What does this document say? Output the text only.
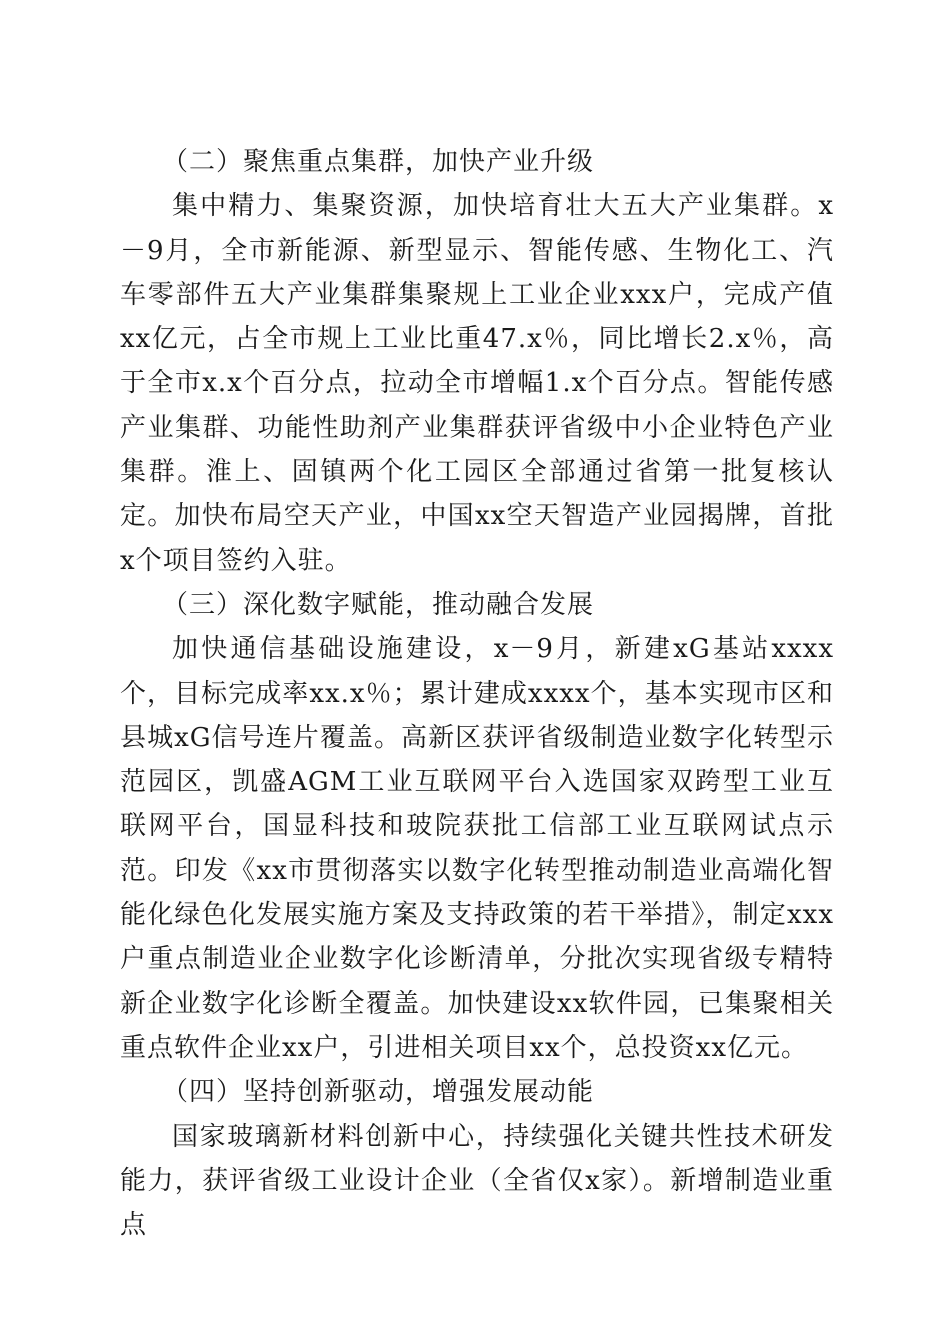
（二）聚焦重点集群，加快产业升级

集中精力、集聚资源，加快培育壮大五大产业集群。x－9月，全市新能源、新型显示、智能传感、生物化工、汽车零部件五大产业集群集聚规上工业企业xxx户，完成产值xx亿元，占全市规上工业比重47.x％，同比增长2.x％，高于全市x.x个百分点，拉动全市增幅1.x个百分点。智能传感产业集群、功能性助剂产业集群获评省级中小企业特色产业集群。淮上、固镇两个化工园区全部通过省第一批复核认定。加快布局空天产业，中国xx空天智造产业园揭牌，首批x个项目签约入驻。

（三）深化数字赋能，推动融合发展

加快通信基础设施建设，x－9月，新建xG基站xxxx个，目标完成率xx.x％；累计建成xxxx个，基本实现市区和县城xG信号连片覆盖。高新区获评省级制造业数字化转型示范园区，凯盛AGM工业互联网平台入选国家双跨型工业互联网平台，国显科技和玻院获批工信部工业互联网试点示范。印发《xx市贯彻落实以数字化转型推动制造业高端化智能化绿色化发展实施方案及支持政策的若干举措》，制定xxx户重点制造业企业数字化诊断清单，分批次实现省级专精特新企业数字化诊断全覆盖。加快建设xx软件园，已集聚相关重点软件企业xx户，引进相关项目xx个，总投资xx亿元。

（四）坚持创新驱动，增强发展动能

国家玻璃新材料创新中心，持续强化关键共性技术研发能力，获评省级工业设计企业（全省仅x家）。新增制造业重点
